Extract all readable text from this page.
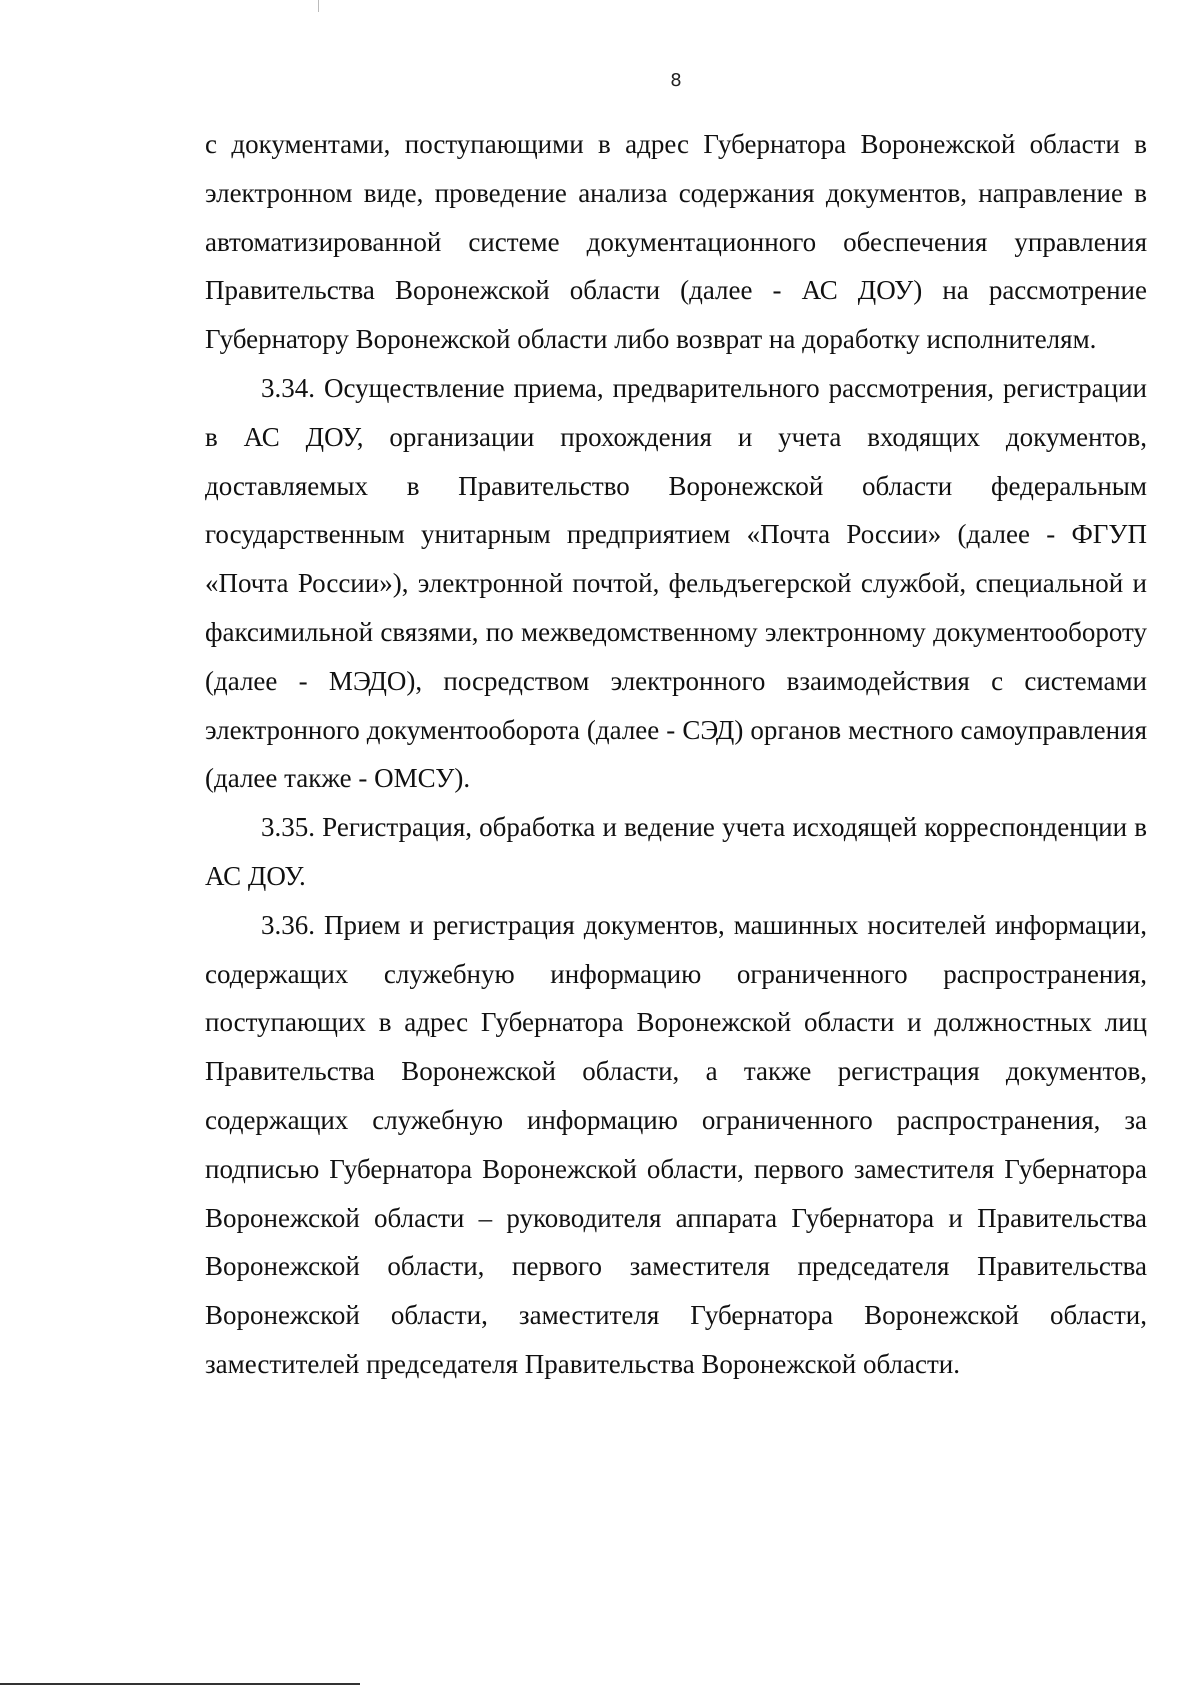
8

с документами, поступающими в адрес Губернатора Воронежской области в электронном виде, проведение анализа содержания документов, направление в автоматизированной системе документационного обеспечения управления Правительства Воронежской области (далее - АС ДОУ) на рассмотрение Губернатору Воронежской области либо возврат на доработку исполнителям.

3.34. Осуществление приема, предварительного рассмотрения, регистрации в АС ДОУ, организации прохождения и учета входящих документов, доставляемых в Правительство Воронежской области федеральным государственным унитарным предприятием «Почта России» (далее - ФГУП «Почта России»), электронной почтой, фельдъегерской службой, специальной и факсимильной связями, по межведомственному электронному документообороту (далее - МЭДО), посредством электронного взаимодействия с системами электронного документооборота (далее - СЭД) органов местного самоуправления (далее также - ОМСУ).

3.35. Регистрация, обработка и ведение учета исходящей корреспонденции в АС ДОУ.

3.36. Прием и регистрация документов, машинных носителей информации, содержащих служебную информацию ограниченного распространения, поступающих в адрес Губернатора Воронежской области и должностных лиц Правительства Воронежской области, а также регистрация документов, содержащих служебную информацию ограниченного распространения, за подписью Губернатора Воронежской области, первого заместителя Губернатора Воронежской области – руководителя аппарата Губернатора и Правительства Воронежской области, первого заместителя председателя Правительства Воронежской области, заместителя Губернатора Воронежской области, заместителей председателя Правительства Воронежской области.
